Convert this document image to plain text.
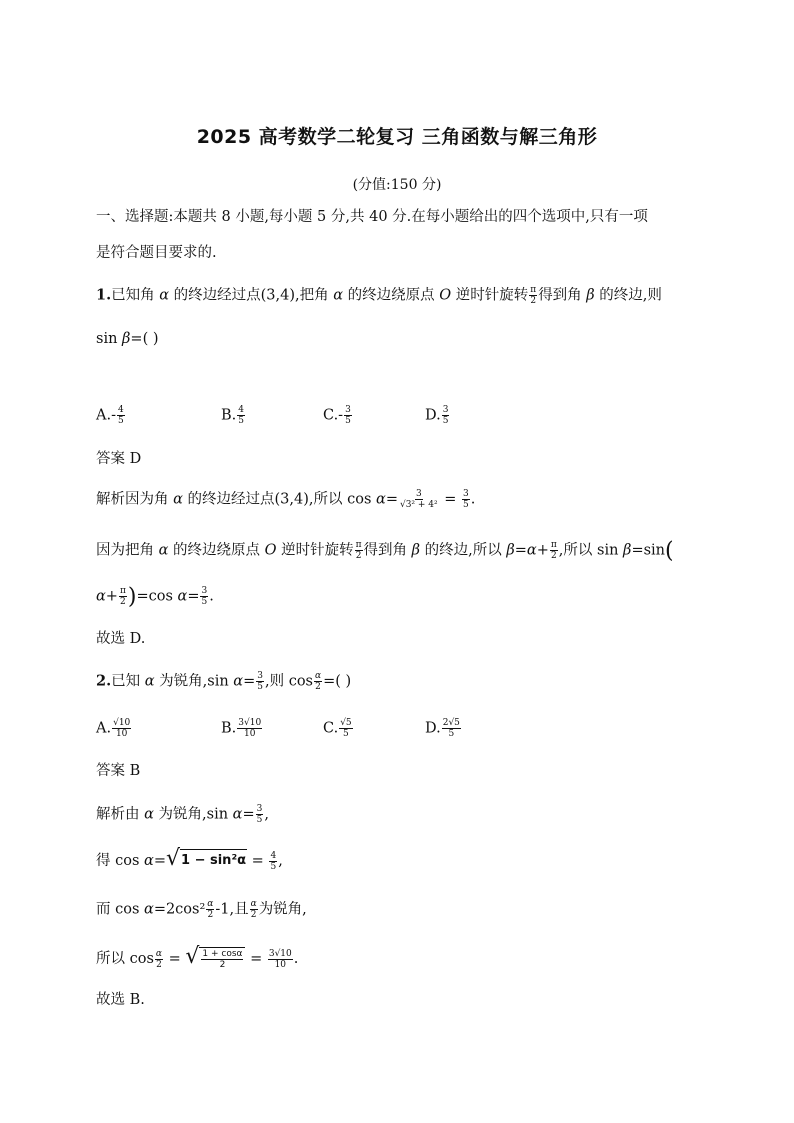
2025 高考数学二轮复习 三角函数与解三角形
(分值:150 分)
一、选择题:本题共 8 小题,每小题 5 分,共 40 分.在每小题给出的四个选项中,只有一项
是符合题目要求的.
1.已知角 α 的终边经过点(3,4),把角 α 的终边绕原点 O 逆时针旋转 $\frac{\pi}{2}$ 得到角 β 的终边,则
sin β=( )
$A.- \frac{4}{5}$	B. $\frac{4}{5}$	$C.- \frac{3}{5}$	D. $\frac{3}{5}$
答案 D
解析因为角 α 的终边经过点(3,4),所以 $\cos \alpha= \frac{3}{\text{√3² + 4²}} = \frac{3}{5}$ .
因为把角 α 的终边绕原点 O 逆时针旋转 $\frac{\pi}{2}$ 得到角 β 的终边,所以 $\beta=\alpha+ \frac{\pi}{2}$ ,所以 sin β=sin(
$\alpha+ \frac{\pi}{2} )=\cos$ $\alpha= \frac{3}{5}$ .
故选 D.
2.已知 α 为锐角,sin $\alpha= \frac{3}{5}$ ,则 $\cos \frac{\alpha}{2}$ =( )
A. $\frac{√10}{10}$	B. $\frac{3√10}{10}$	C. $\frac{√5}{5}$	D. $\frac{2√5}{5}$
答案 B
解析由 α 为锐角,sin $\alpha= \frac{3}{5}$ ,
得 cos α= √ $1 - \sin^2\alpha = \frac{4}{5}$ ,
而 $\cos \alpha=2\cos^2 \frac{\alpha}{2} -1$,且 $\frac{\alpha}{2}$ 为锐角,
所以 $\cos \frac{\alpha}{2}$ = √ $\frac{1 + \cos\alpha}{2} = \frac{3√10}{10}$ .
故选 B.
